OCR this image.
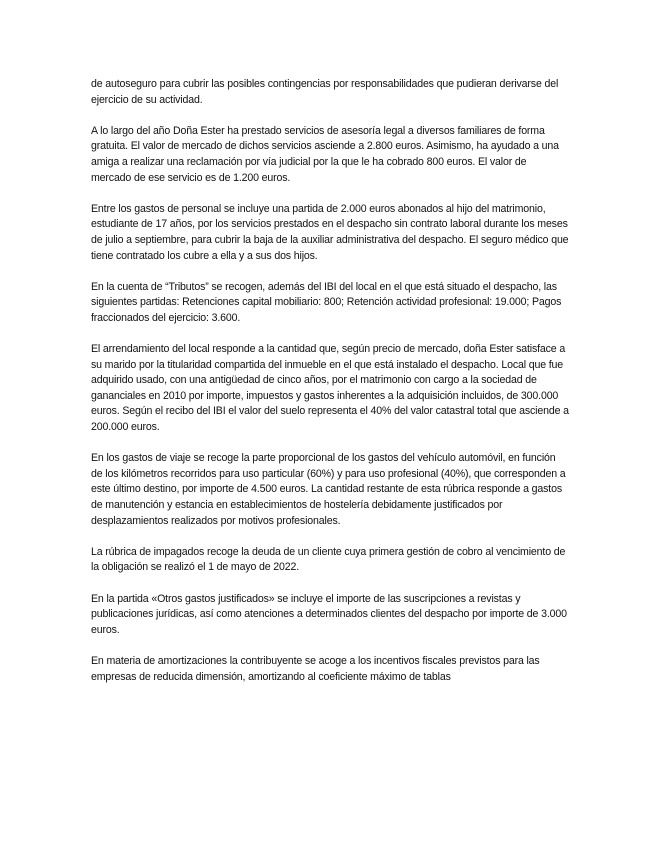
de autoseguro para cubrir las posibles contingencias por responsabilidades que pudieran derivarse del ejercicio de su actividad.

A lo largo del año Doña Ester ha prestado servicios de asesoría legal a diversos familiares de forma gratuita. El valor de mercado de dichos servicios asciende a 2.800 euros. Asimismo, ha ayudado a una amiga a realizar una reclamación por vía judicial por la que le ha cobrado 800 euros. El valor de mercado de ese servicio es de 1.200 euros.

Entre los gastos de personal se incluye una partida de 2.000 euros abonados al hijo del matrimonio, estudiante de 17 años, por los servicios prestados en el despacho sin contrato laboral durante los meses de julio a septiembre, para cubrir la baja de la auxiliar administrativa del despacho. El seguro médico que tiene contratado los cubre a ella y a sus dos hijos.

En la cuenta de “Tributos” se recogen, además del IBI del local en el que está situado el despacho, las siguientes partidas: Retenciones capital mobiliario: 800; Retención actividad profesional: 19.000; Pagos fraccionados del ejercicio: 3.600.

El arrendamiento del local responde a la cantidad que, según precio de mercado, doña Ester satisface a su marido por la titularidad compartida del inmueble en el que está instalado el despacho. Local que fue adquirido usado, con una antigüedad de cinco años, por el matrimonio con cargo a la sociedad de gananciales en 2010 por importe, impuestos y gastos inherentes a la adquisición incluidos, de 300.000 euros. Según el recibo del IBI el valor del suelo representa el 40% del valor catastral total que asciende a 200.000 euros.

En los gastos de viaje se recoge la parte proporcional de los gastos del vehículo automóvil, en función de los kilómetros recorridos para uso particular (60%) y para uso profesional (40%), que corresponden a este último destino, por importe de 4.500 euros. La cantidad restante de esta rúbrica responde a gastos de manutención y estancia en establecimientos de hostelería debidamente justificados por desplazamientos realizados por motivos profesionales.

La rúbrica de impagados recoge la deuda de un cliente cuya primera gestión de cobro al vencimiento de la obligación se realizó el 1 de mayo de 2022.

En la partida «Otros gastos justificados» se incluye el importe de las suscripciones a revistas y publicaciones jurídicas, así como atenciones a determinados clientes del despacho por importe de 3.000 euros.

En materia de amortizaciones la contribuyente se acoge a los incentivos fiscales previstos para las empresas de reducida dimensión, amortizando al coeficiente máximo de tablas
